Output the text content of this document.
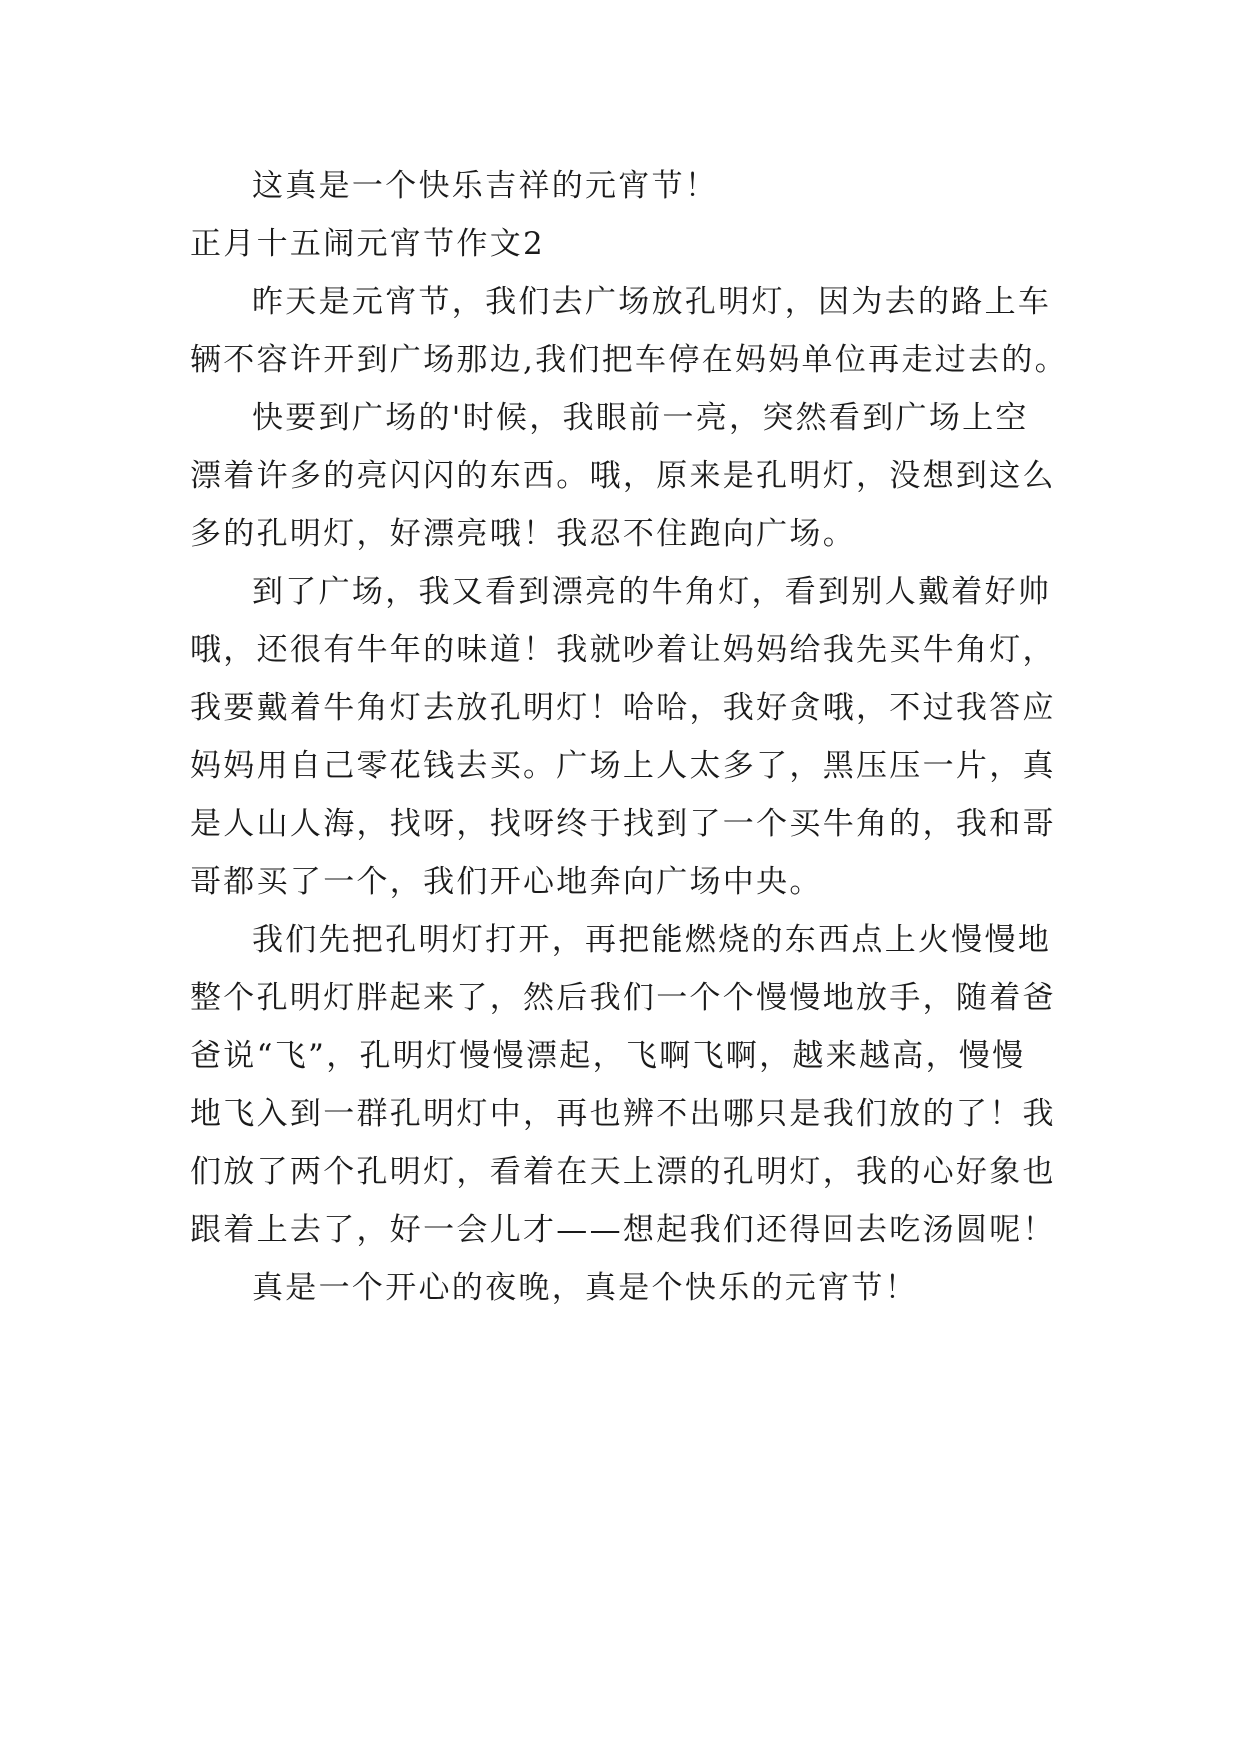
这真是一个快乐吉祥的元宵节！
正月十五闹元宵节作文2
昨天是元宵节，我们去广场放孔明灯，因为去的路上车
辆不容许开到广场那边,我们把车停在妈妈单位再走过去的。
快要到广场的'时候，我眼前一亮，突然看到广场上空
漂着许多的亮闪闪的东西。哦，原来是孔明灯，没想到这么
多的孔明灯，好漂亮哦！我忍不住跑向广场。
到了广场，我又看到漂亮的牛角灯，看到别人戴着好帅
哦，还很有牛年的味道！我就吵着让妈妈给我先买牛角灯，
我要戴着牛角灯去放孔明灯！哈哈，我好贪哦，不过我答应
妈妈用自己零花钱去买。广场上人太多了，黑压压一片，真
是人山人海，找呀，找呀终于找到了一个买牛角的，我和哥
哥都买了一个，我们开心地奔向广场中央。
我们先把孔明灯打开，再把能燃烧的东西点上火慢慢地
整个孔明灯胖起来了，然后我们一个个慢慢地放手，随着爸
爸说“飞”，孔明灯慢慢漂起，飞啊飞啊，越来越高，慢慢
地飞入到一群孔明灯中，再也辨不出哪只是我们放的了！我
们放了两个孔明灯，看着在天上漂的孔明灯，我的心好象也
跟着上去了，好一会儿才——想起我们还得回去吃汤圆呢！
真是一个开心的夜晚，真是个快乐的元宵节！
